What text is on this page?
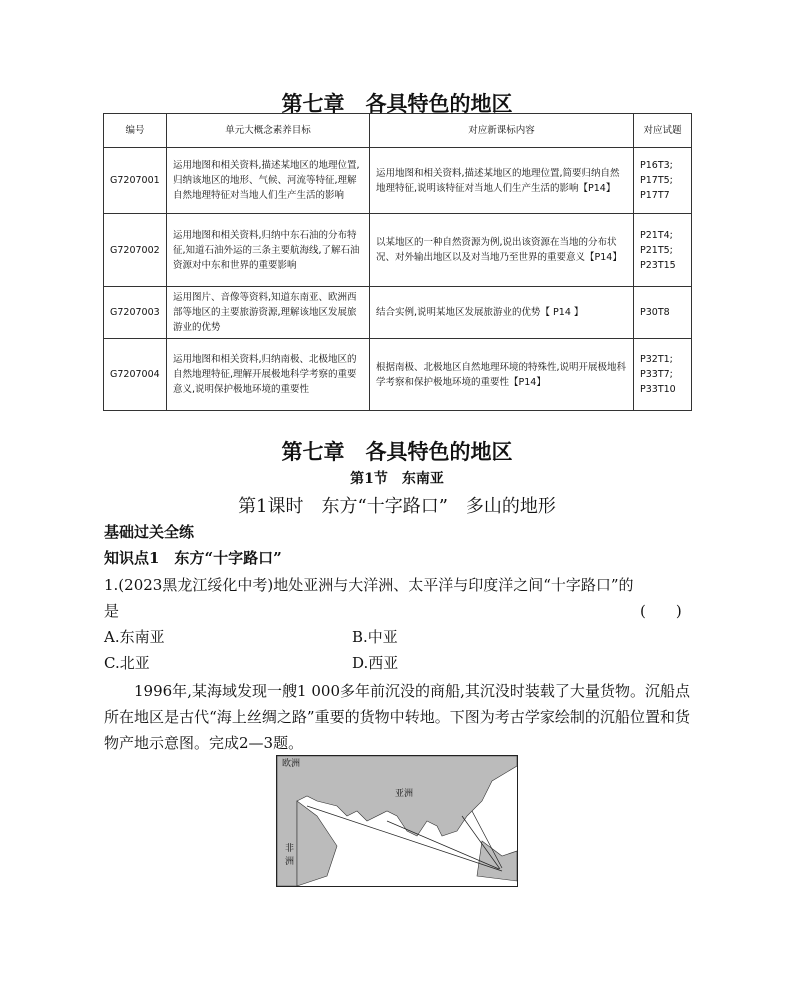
第七章　各具特色的地区
编号	单元大概念素养目标	对应新课标内容	对应试题
G7207001	运用地图和相关资料,描述某地区的地理位置,归纳该地区的地形、气候、河流等特征,理解自然地理特征对当地人们生产生活的影响	运用地图和相关资料,描述某地区的地理位置,简要归纳自然地理特征,说明该特征对当地人们生产生活的影响【P14】	P16T3;
P17T5;
P17T7

G7207002	运用地图和相关资料,归纳中东石油的分布特征,知道石油外运的三条主要航海线,了解石油资源对中东和世界的重要影响	以某地区的一种自然资源为例,说出该资源在当地的分布状况、对外输出地区以及对当地乃至世界的重要意义【P14】	P21T4;
P21T5;
P23T15

G7207003	运用图片、音像等资料,知道东南亚、欧洲西部等地区的主要旅游资源,理解该地区发展旅游业的优势	结合实例,说明某地区发展旅游业的优势【 P14 】	P30T8

G7207004	运用地图和相关资料,归纳南极、北极地区的自然地理特征,理解开展极地科学考察的重要意义,说明保护极地环境的重要性	根据南极、北极地区自然地理环境的特殊性,说明开展极地科学考察和保护极地环境的重要性【P14】	P32T1;
P33T7;
P33T10
第七章　各具特色的地区
第1节　东南亚
第1课时　东方“十字路口”　多山的地形
基础过关全练
知识点1　东方“十字路口”
1.(2023黑龙江绥化中考)地处亚洲与大洋洲、太平洋与印度洋之间“十字路口”的
是	(　　)
A.东南亚	B.中亚
C.北亚	D.西亚
1996年,某海域发现一艘1 000多年前沉没的商船,其沉没时装载了大量货物。沉船点所在地区是古代“海上丝绸之路”重要的货物中转地。下图为考古学家绘制的沉船位置和货物产地示意图。完成2—3题。
欧洲
亚洲
非洲
